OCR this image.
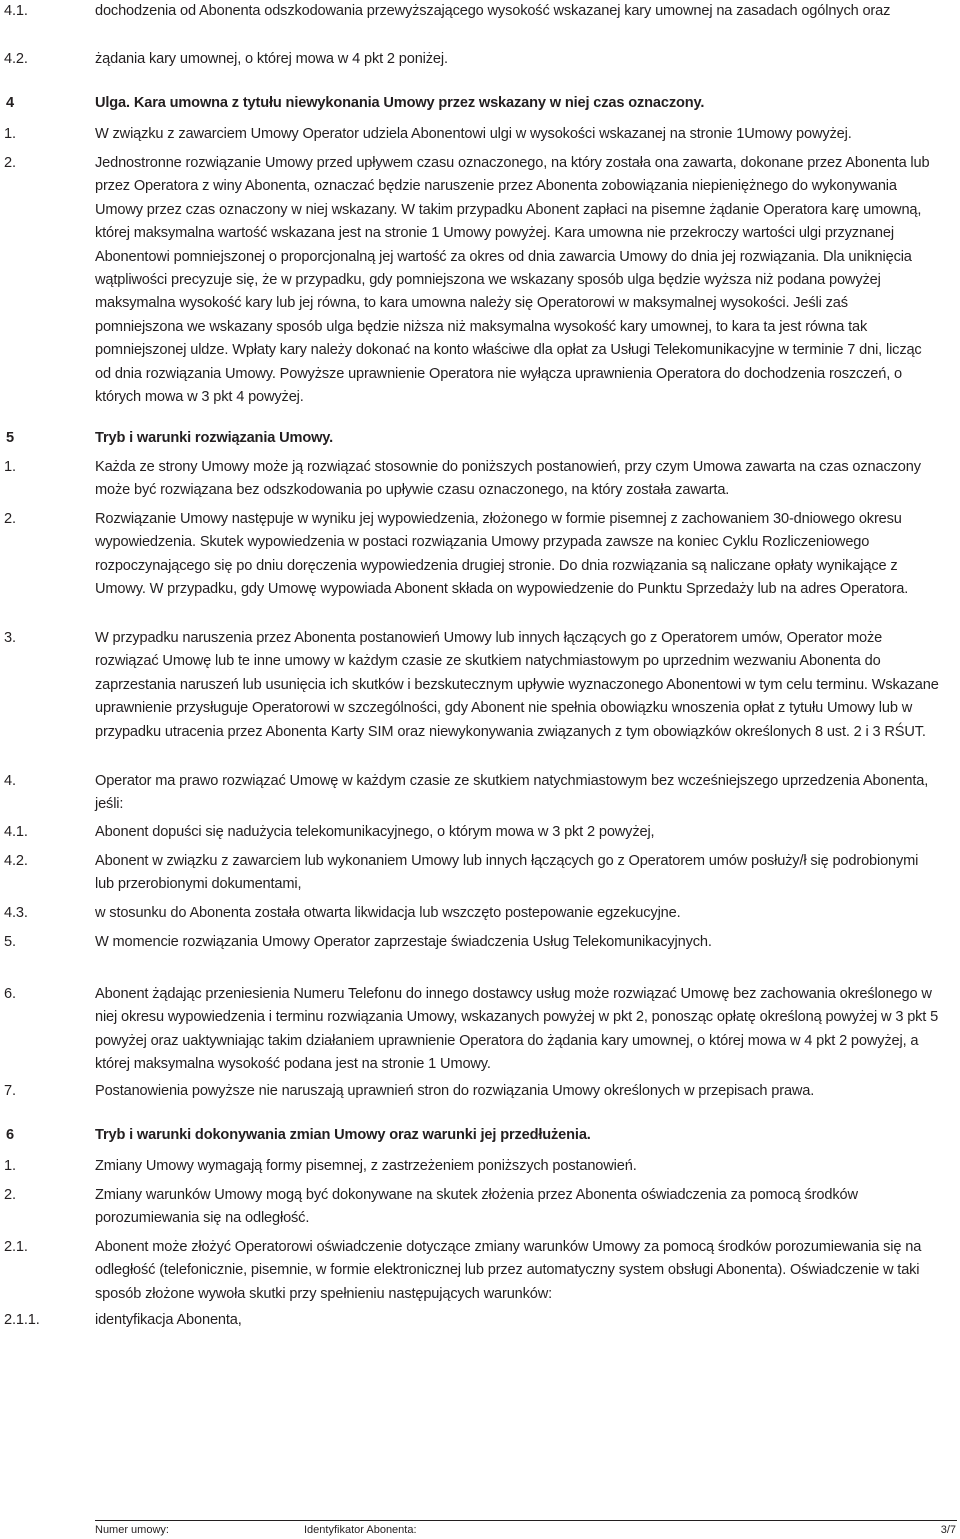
4.1.	dochodzenia od Abonenta odszkodowania przewyższającego wysokość wskazanej kary umownej na zasadach ogólnych oraz
4.2.	żądania kary umownej, o której mowa w 4 pkt 2 poniżej.
4	Ulga. Kara umowna z tytułu niewykonania Umowy przez wskazany w niej czas oznaczony.
1.	W związku z zawarciem Umowy Operator udziela Abonentowi ulgi w wysokości wskazanej na stronie 1Umowy powyżej.
2.	Jednostronne rozwiązanie Umowy przed upływem czasu oznaczonego, na który została ona zawarta, dokonane przez Abonenta lub przez Operatora z winy Abonenta, oznaczać będzie naruszenie przez Abonenta zobowiązania niepieniężnego do wykonywania Umowy przez czas oznaczony w niej wskazany. W takim przypadku Abonent zapłaci na pisemne żądanie Operatora karę umowną, której maksymalna wartość wskazana jest na stronie 1 Umowy powyżej. Kara umowna nie przekroczy wartości ulgi przyznanej Abonentowi pomniejszonej o proporcjonalną jej wartość za okres od dnia zawarcia Umowy do dnia jej rozwiązania. Dla uniknięcia wątpliwości precyzuje się, że w przypadku, gdy pomniejszona we wskazany sposób ulga będzie wyższa niż podana powyżej maksymalna wysokość kary lub jej równa, to kara umowna należy się Operatorowi w maksymalnej wysokości. Jeśli zaś pomniejszona we wskazany sposób ulga będzie niższa niż maksymalna wysokość kary umownej, to kara ta jest równa tak pomniejszonej uldze. Wpłaty kary należy dokonać na konto właściwe dla opłat za Usługi Telekomunikacyjne w terminie 7 dni, licząc od dnia rozwiązania Umowy. Powyższe uprawnienie Operatora nie wyłącza uprawnienia Operatora do dochodzenia roszczeń, o których mowa w 3 pkt 4 powyżej.
5	Tryb i warunki rozwiązania Umowy.
1.	Każda ze strony Umowy może ją rozwiązać stosownie do poniższych postanowień, przy czym Umowa zawarta na czas oznaczony może być rozwiązana bez odszkodowania po upływie czasu oznaczonego, na który została zawarta.
2.	Rozwiązanie Umowy następuje w wyniku jej wypowiedzenia, złożonego w formie pisemnej z zachowaniem 30-dniowego okresu wypowiedzenia. Skutek wypowiedzenia w postaci rozwiązania Umowy przypada zawsze na koniec Cyklu Rozliczeniowego rozpoczynającego się po dniu doręczenia wypowiedzenia drugiej stronie. Do dnia rozwiązania są naliczane opłaty wynikające z Umowy. W przypadku, gdy Umowę wypowiada Abonent składa on wypowiedzenie do Punktu Sprzedaży lub na adres Operatora.
3.	W przypadku naruszenia przez Abonenta postanowień Umowy lub innych łączących go z Operatorem umów, Operator może rozwiązać Umowę lub te inne umowy w każdym czasie ze skutkiem natychmiastowym po uprzednim wezwaniu Abonenta do zaprzestania naruszeń lub usunięcia ich skutków i bezskutecznym upływie wyznaczonego Abonentowi w tym celu terminu. Wskazane uprawnienie przysługuje Operatorowi w szczególności, gdy Abonent nie spełnia obowiązku wnoszenia opłat z tytułu Umowy lub w przypadku utracenia przez Abonenta Karty SIM oraz niewykonywania związanych z tym obowiązków określonych 8 ust. 2 i 3 RŚUT.
4.	Operator ma prawo rozwiązać Umowę w każdym czasie ze skutkiem natychmiastowym bez wcześniejszego uprzedzenia Abonenta, jeśli:
4.1.	Abonent dopuści się nadużycia telekomunikacyjnego, o którym mowa w 3 pkt 2 powyżej,
4.2.	Abonent w związku z zawarciem lub wykonaniem Umowy lub innych łączących go z Operatorem umów posłuży/ł się podrobionymi lub przerobionymi dokumentami,
4.3.	w stosunku do Abonenta została otwarta likwidacja lub wszczęto postepowanie egzekucyjne.
5.	W momencie rozwiązania Umowy Operator zaprzestaje świadczenia Usług Telekomunikacyjnych.
6.	Abonent żądając przeniesienia Numeru Telefonu do innego dostawcy usług może rozwiązać Umowę bez zachowania określonego w niej okresu wypowiedzenia i terminu rozwiązania Umowy, wskazanych powyżej w pkt 2, ponosząc opłatę określoną powyżej w 3 pkt 5 powyżej oraz uaktywniając takim działaniem uprawnienie Operatora do żądania kary umownej, o której mowa w 4 pkt 2 powyżej, a której maksymalna wysokość podana jest na stronie 1 Umowy.
7.	Postanowienia powyższe nie naruszają uprawnień stron do rozwiązania Umowy określonych w przepisach prawa.
6	Tryb i warunki dokonywania zmian Umowy oraz warunki jej przedłużenia.
1.	Zmiany Umowy wymagają formy pisemnej, z zastrzeżeniem poniższych postanowień.
2.	Zmiany warunków Umowy mogą być dokonywane na skutek złożenia przez Abonenta oświadczenia za pomocą środków porozumiewania się na odległość.
2.1.	Abonent może złożyć Operatorowi oświadczenie dotyczące zmiany warunków Umowy za pomocą środków porozumiewania się na odległość (telefonicznie, pisemnie, w formie elektronicznej lub przez automatyczny system obsługi Abonenta). Oświadczenie w taki sposób złożone wywoła skutki przy spełnieniu następujących warunków:
2.1.1.	identyfikacja Abonenta,
Numer umowy:	Identyfikator Abonenta:	3/7
